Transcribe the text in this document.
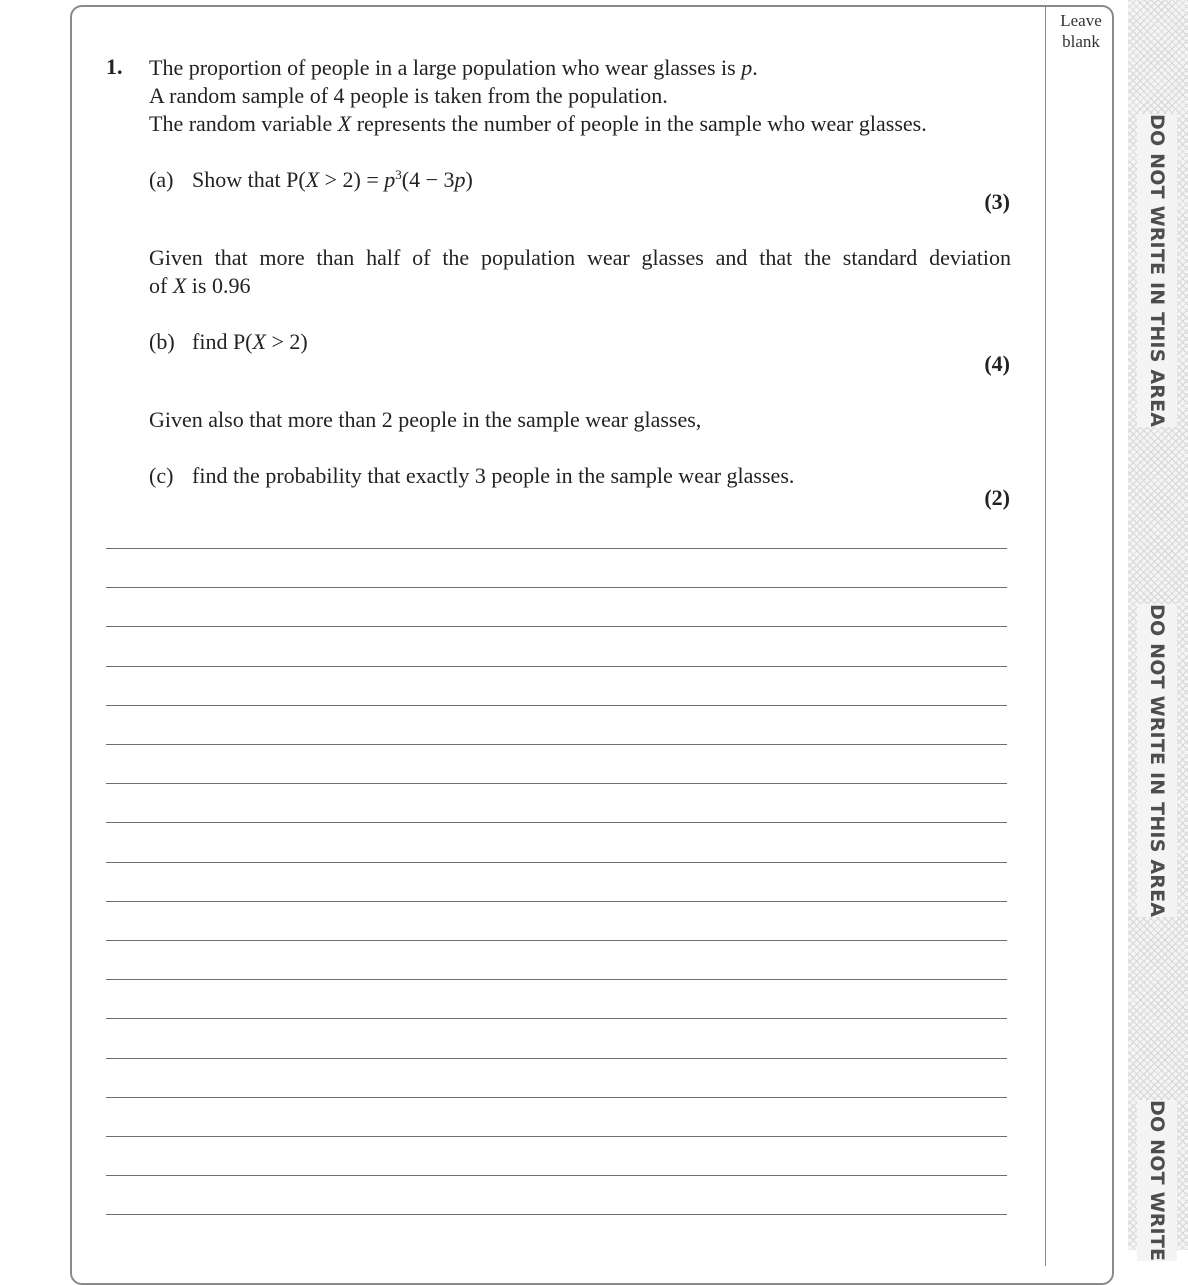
Leave
blank
DO NOT WRITE IN THIS AREA
DO NOT WRITE IN THIS AREA
DO NOT WRITE
1. The proportion of people in a large population who wear glasses is p.
A random sample of 4 people is taken from the population.
The random variable X represents the number of people in the sample who wear glasses.
(a) Show that $P(X > 2) = p^3(4 - 3p)$
(3)
Given that more than half of the population wear glasses and that the standard deviation
of X is 0.96
(b) find P(X > 2)
(4)
Given also that more than 2 people in the sample wear glasses,
(c) find the probability that exactly 3 people in the sample wear glasses.
(2)
